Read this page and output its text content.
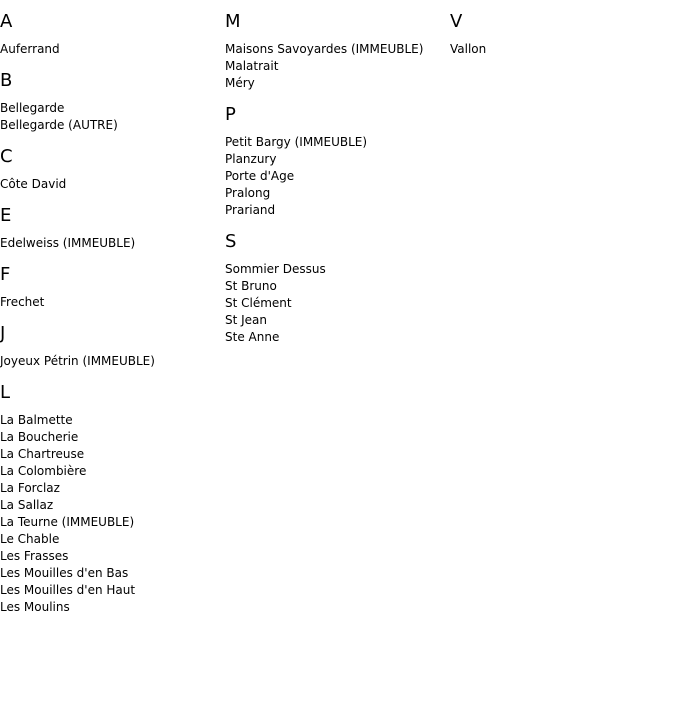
A
Auferrand
B
Bellegarde
Bellegarde (AUTRE)
C
Côte David
E
Edelweiss (IMMEUBLE)
F
Frechet
J
Joyeux Pétrin (IMMEUBLE)
L
La Balmette
La Boucherie
La Chartreuse
La Colombière
La Forclaz
La Sallaz
La Teurne (IMMEUBLE)
Le Chable
Les Frasses
Les Mouilles d'en Bas
Les Mouilles d'en Haut
Les Moulins
M
Maisons Savoyardes (IMMEUBLE)
Malatrait
Méry
P
Petit Bargy (IMMEUBLE)
Planzury
Porte d'Age
Pralong
Prariand
S
Sommier Dessus
St Bruno
St Clément
St Jean
Ste Anne
V
Vallon
